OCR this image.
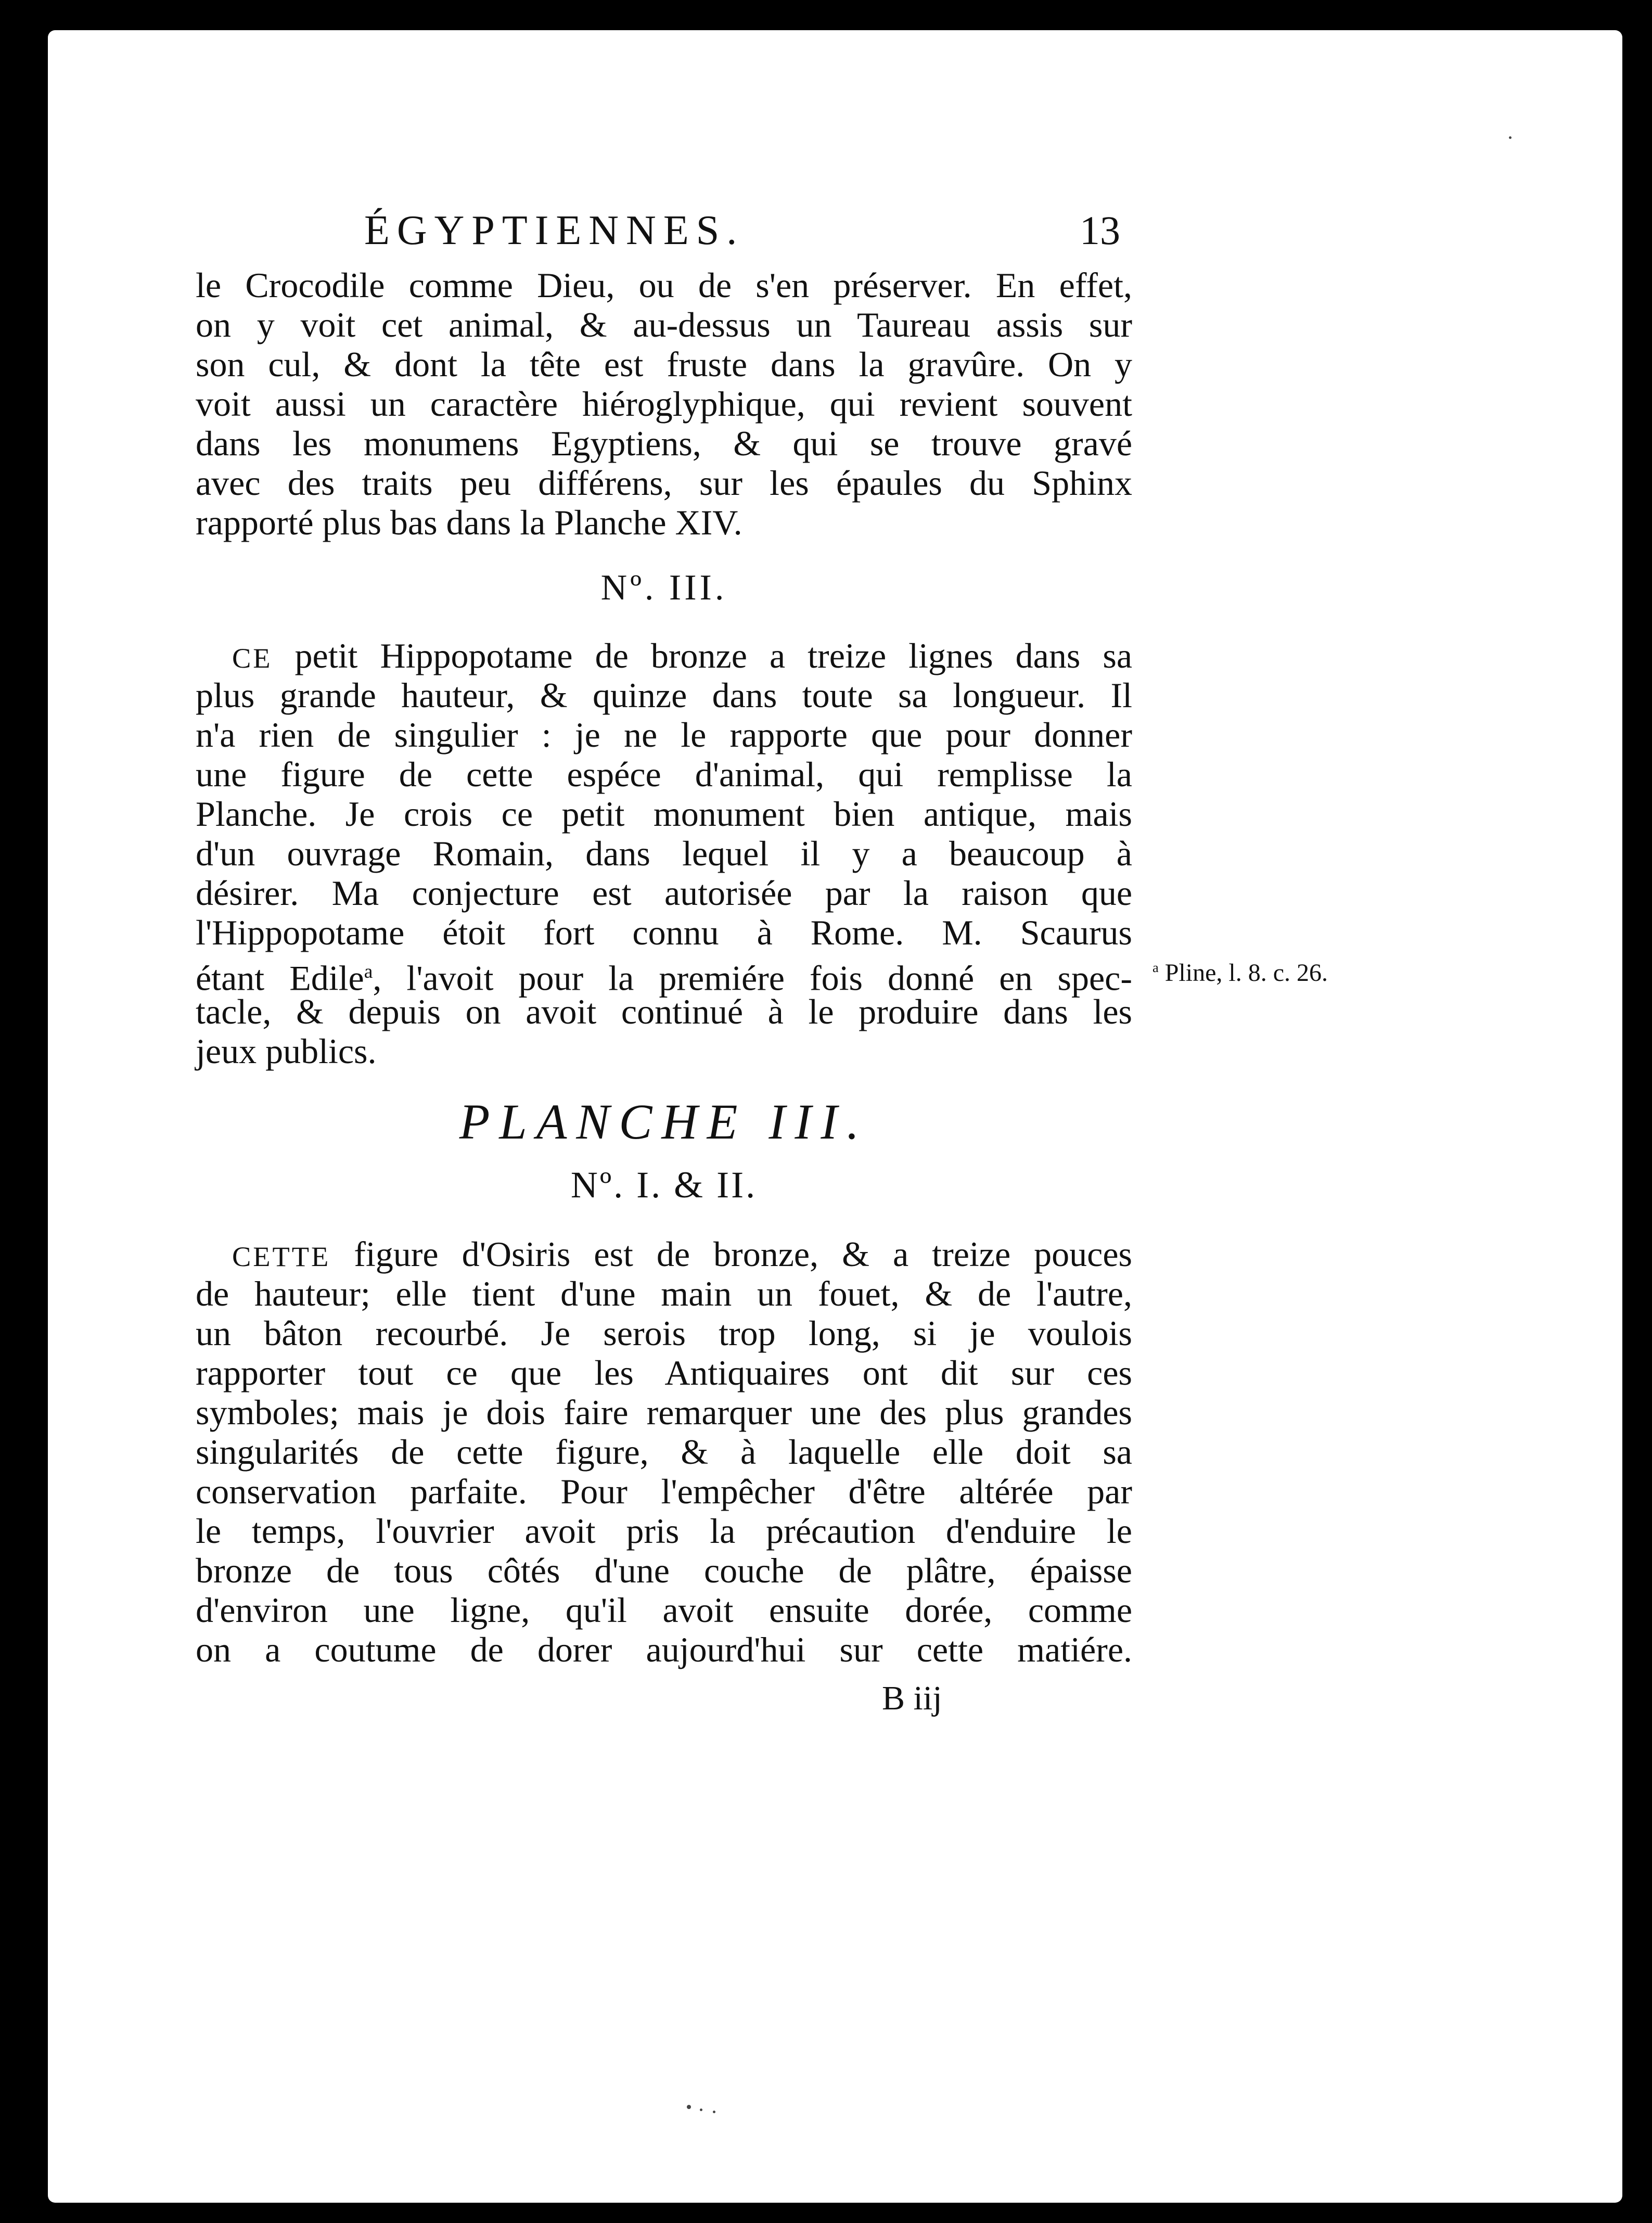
ÉGYPTIENNES.	13

le Crocodile comme Dieu, ou de s'en préserver. En effet,

on y voit cet animal, & au-dessus un Taureau assis sur

son cul, & dont la tête est fruste dans la gravûre. On y

voit aussi un caractère hiéroglyphique, qui revient souvent

dans les monumens Egyptiens, & qui se trouve gravé

avec des traits peu différens, sur les épaules du Sphinx

rapporté plus bas dans la Planche XIV.

Nº. III.

CE petit Hippopotame de bronze a treize lignes dans sa

plus grande hauteur, & quinze dans toute sa longueur. Il

n'a rien de singulier : je ne le rapporte que pour donner

une figure de cette espéce d'animal, qui remplisse la

Planche. Je crois ce petit monument bien antique, mais

d'un ouvrage Romain, dans lequel il y a beaucoup à

désirer. Ma conjecture est autorisée par la raison que

l'Hippopotame étoit fort connu à Rome. M. Scaurus

étant Edile$^a$, l'avoit pour la premiére fois donné en spec-

tacle, & depuis on avoit continué à le produire dans les

jeux publics.

$^a$ Pline, l. 8. c. 26.
PLANCHE III.
Nº. I. & II.

CETTE figure d'Osiris est de bronze, & a treize pouces

de hauteur; elle tient d'une main un fouet, & de l'autre,

un bâton recourbé. Je serois trop long, si je voulois

rapporter tout ce que les Antiquaires ont dit sur ces

symboles; mais je dois faire remarquer une des plus grandes

singularités de cette figure, & à laquelle elle doit sa

conservation parfaite. Pour l'empêcher d'être altérée par

le temps, l'ouvrier avoit pris la précaution d'enduire le

bronze de tous côtés d'une couche de plâtre, épaisse

d'environ une ligne, qu'il avoit ensuite dorée, comme

on a coutume de dorer aujourd'hui sur cette matiére.

B iij
